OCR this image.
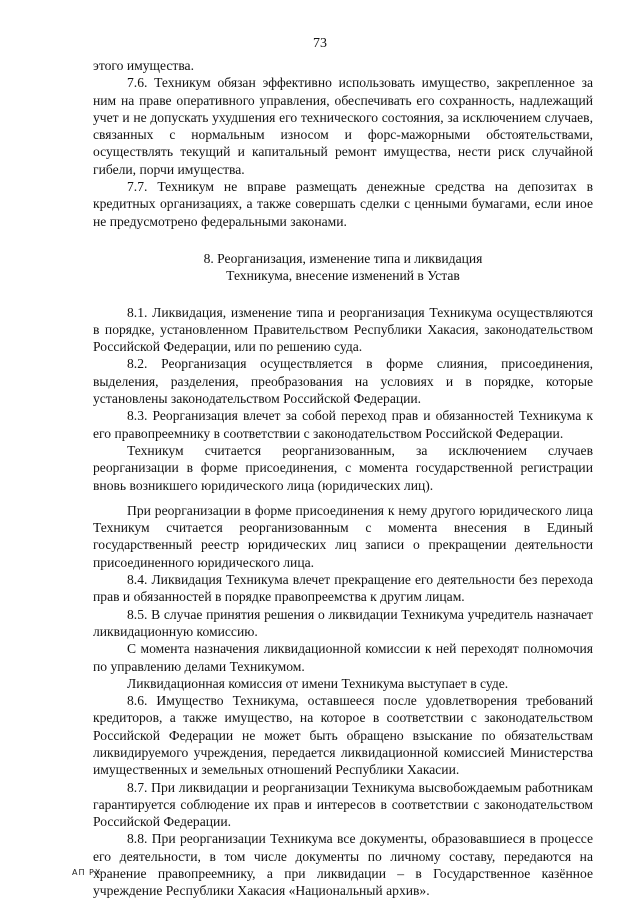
73

этого имущества.

7.6. Техникум обязан эффективно использовать имущество, закрепленное за ним на праве оперативного управления, обеспечивать его сохранность, надлежащий учет и не допускать ухудшения его технического состояния, за исключением случаев, связанных с нормальным износом и форс-мажорными обстоятельствами, осуществлять текущий и капитальный ремонт имущества, нести риск случайной гибели, порчи имущества.

7.7. Техникум не вправе размещать денежные средства на депозитах в кредитных организациях, а также совершать сделки с ценными бумагами, если иное не предусмотрено федеральными законами.

8. Реорганизация, изменение типа и ликвидация
Техникума, внесение изменений в Устав

8.1. Ликвидация, изменение типа и реорганизация Техникума осуществляются в порядке, установленном Правительством Республики Хакасия, законодательством Российской Федерации, или по решению суда.

8.2. Реорганизация осуществляется в форме слияния, присоединения, выделения, разделения, преобразования на условиях и в порядке, которые установлены законодательством Российской Федерации.

8.3. Реорганизация влечет за собой переход прав и обязанностей Техникума к его правопреемнику в соответствии с законодательством Российской Федерации.

Техникум считается реорганизованным, за исключением случаев реорганизации в форме присоединения, с момента государственной регистрации вновь возникшего юридического лица (юридических лиц).

При реорганизации в форме присоединения к нему другого юридического лица Техникум считается реорганизованным с момента внесения в Единый государственный реестр юридических лиц записи о прекращении деятельности присоединенного юридического лица.

8.4. Ликвидация Техникума влечет прекращение его деятельности без перехода прав и обязанностей в порядке правопреемства к другим лицам.

8.5. В случае принятия решения о ликвидации Техникума учредитель назначает ликвидационную комиссию.

С момента назначения ликвидационной комиссии к ней переходят полномочия по управлению делами Техникумом.

Ликвидационная комиссия от имени Техникума выступает в суде.

8.6. Имущество Техникума, оставшееся после удовлетворения требований кредиторов, а также имущество, на которое в соответствии с законодательством Российской Федерации не может быть обращено взыскание по обязательствам ликвидируемого учреждения, передается ликвидационной комиссией Министерства имущественных и земельных отношений Республики Хакасии.

8.7. При ликвидации и реорганизации Техникума высвобождаемым работникам гарантируется соблюдение их прав и интересов в соответствии с законодательством Российской Федерации.

8.8. При реорганизации Техникума все документы, образовавшиеся в процессе его деятельности, в том числе документы по личному составу, передаются на хранение правопреемнику, а при ликвидации – в Государственное казённое учреждение Республики Хакасия «Национальный архив».

АП РХ
